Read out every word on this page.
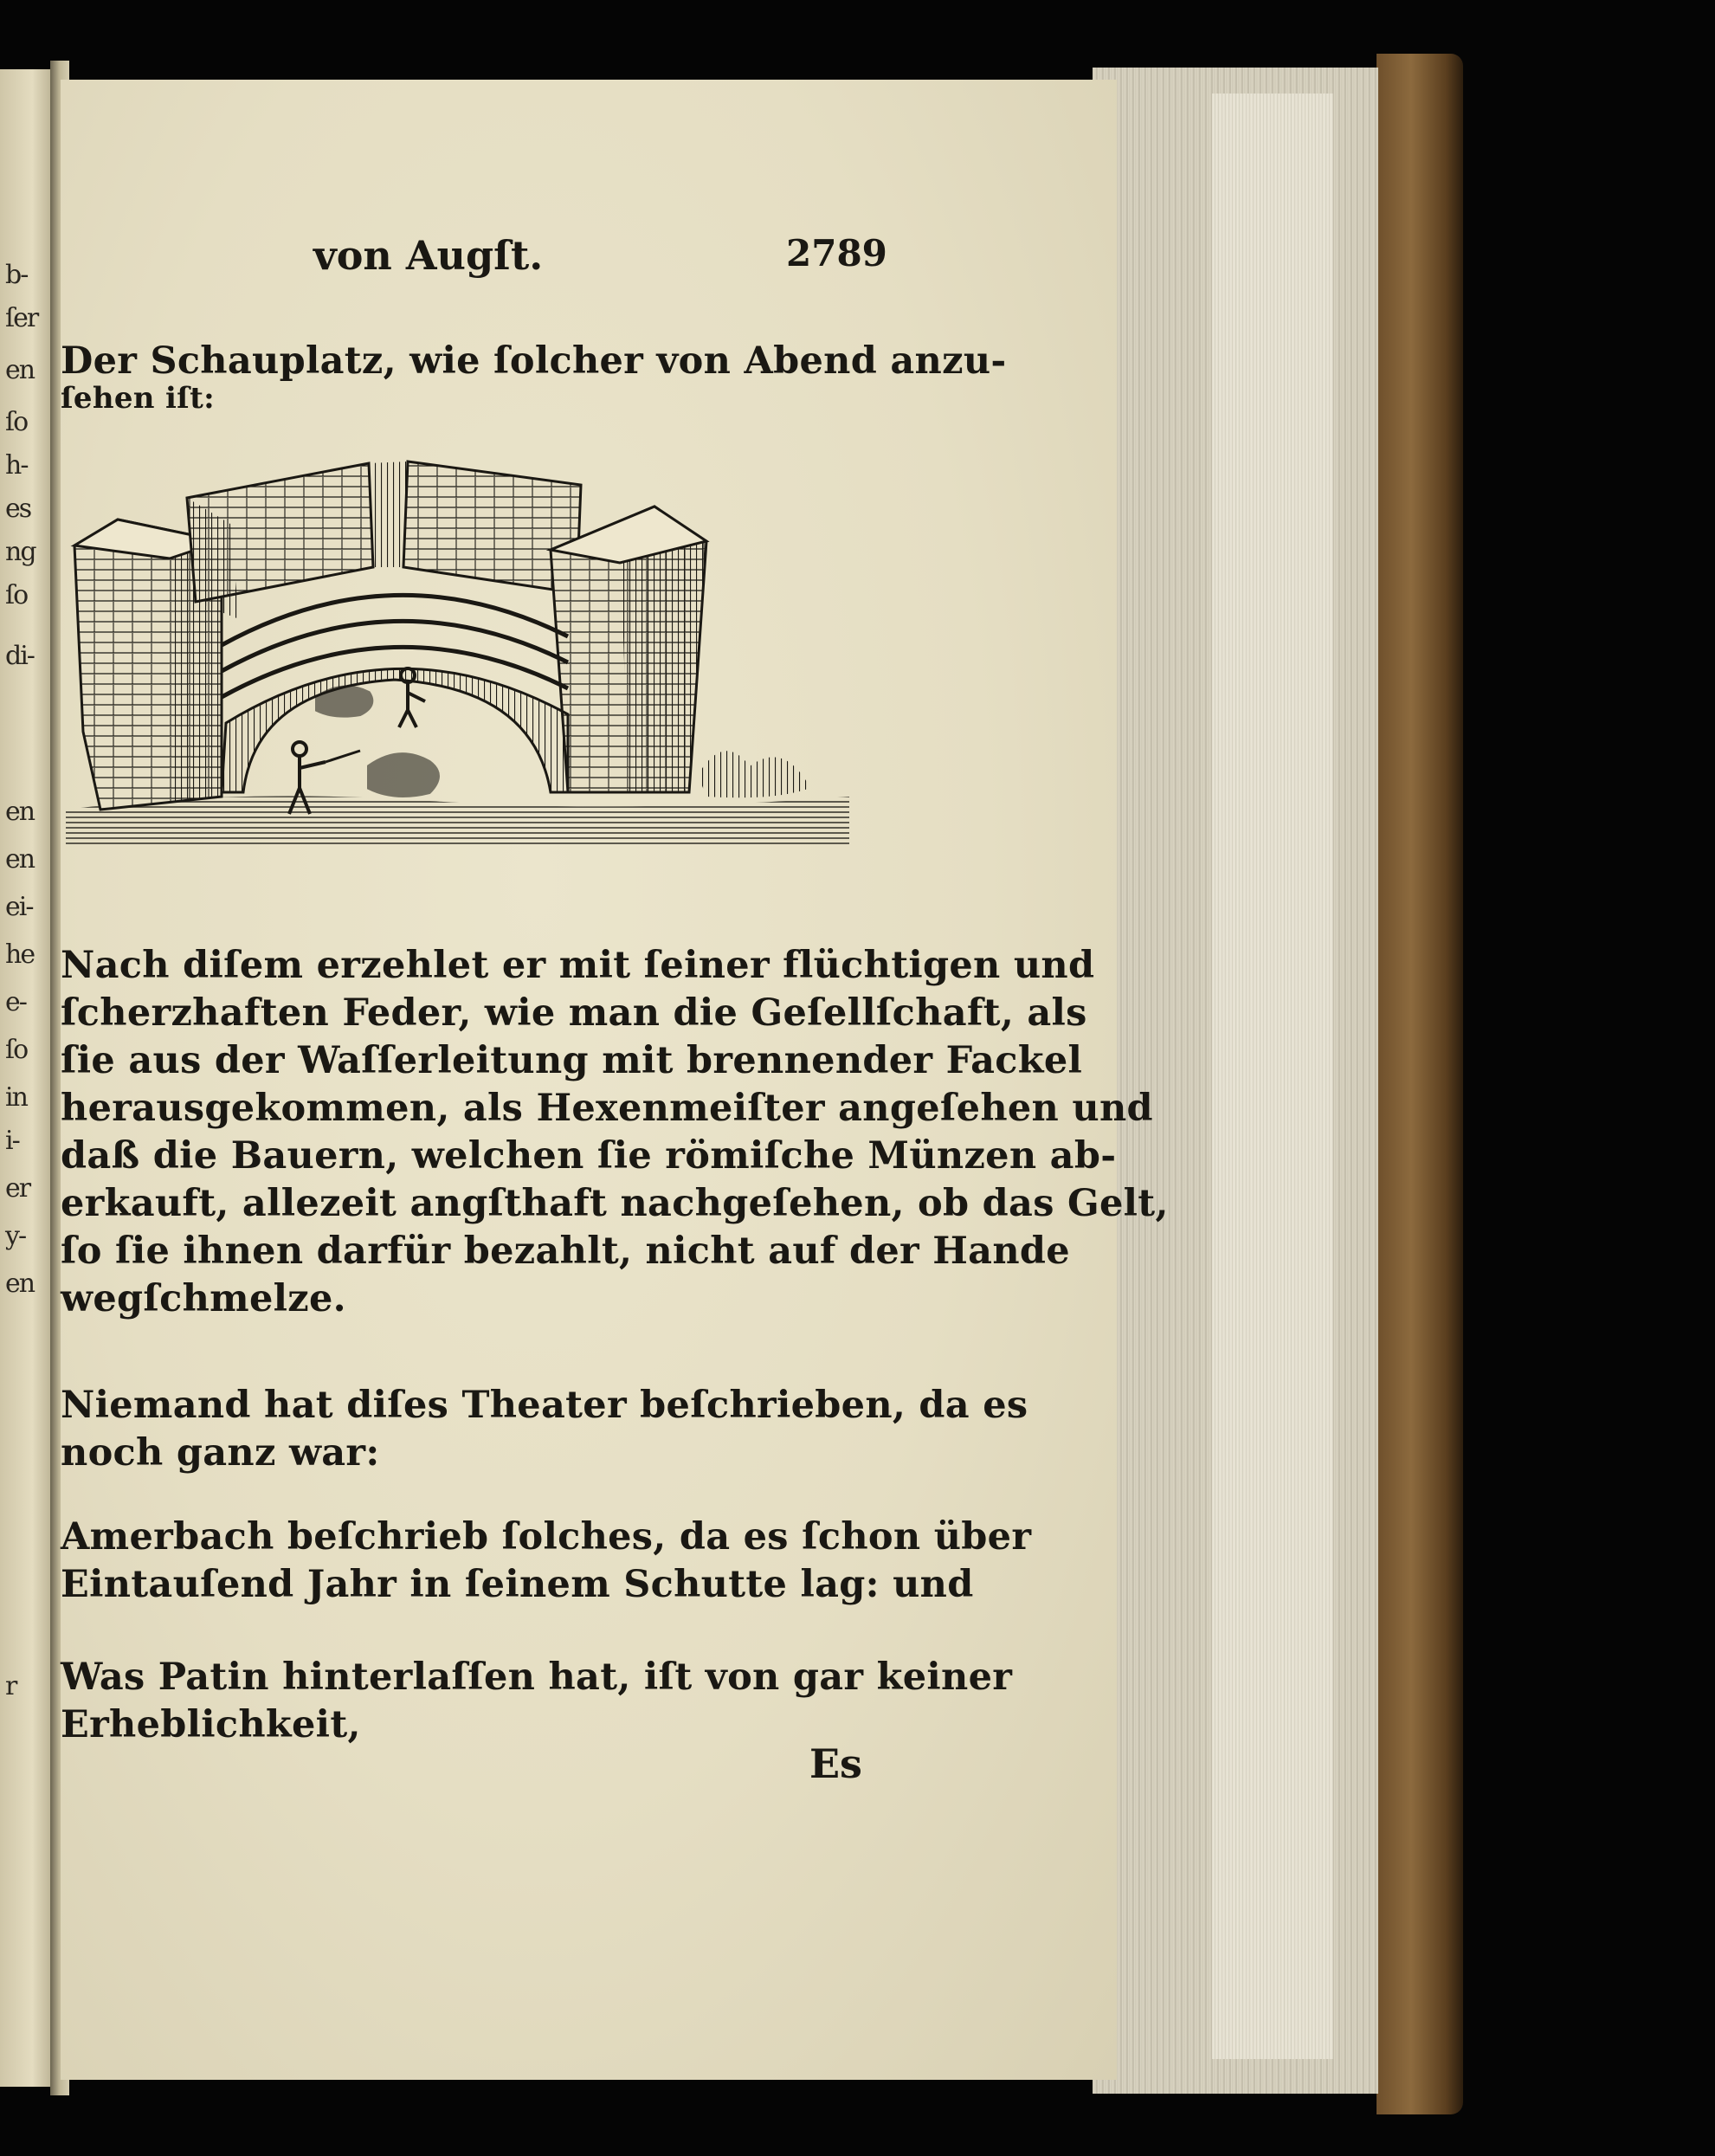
b-
ſer
en
ſo
h-
es
ng
ſo
di-
en
en
ei-
he
e-
ſo
in
i-
er
y-
en
r
von Augſt.	2789
Der Schauplatz, wie ſolcher von Abend anzu-
ſehen iſt:
Nach diſem erzehlet er mit ſeiner flüchtigen und
ſcherzhaften Feder, wie man die Geſellſchaft, als
ſie aus der Waſſerleitung mit brennender Fackel
herausgekommen, als Hexenmeiſter angeſehen und
daß die Bauern, welchen ſie römiſche Münzen ab-
erkauft, allezeit angſthaft nachgeſehen, ob das Gelt,
ſo ſie ihnen darfür bezahlt, nicht auf der Hande
wegſchmelze.
Niemand hat diſes Theater beſchrieben, da es
noch ganz war:
Amerbach beſchrieb ſolches, da es ſchon über
Eintauſend Jahr in ſeinem Schutte lag: und
Was Patin hinterlaſſen hat, iſt von gar keiner
Erheblichkeit,
Es
